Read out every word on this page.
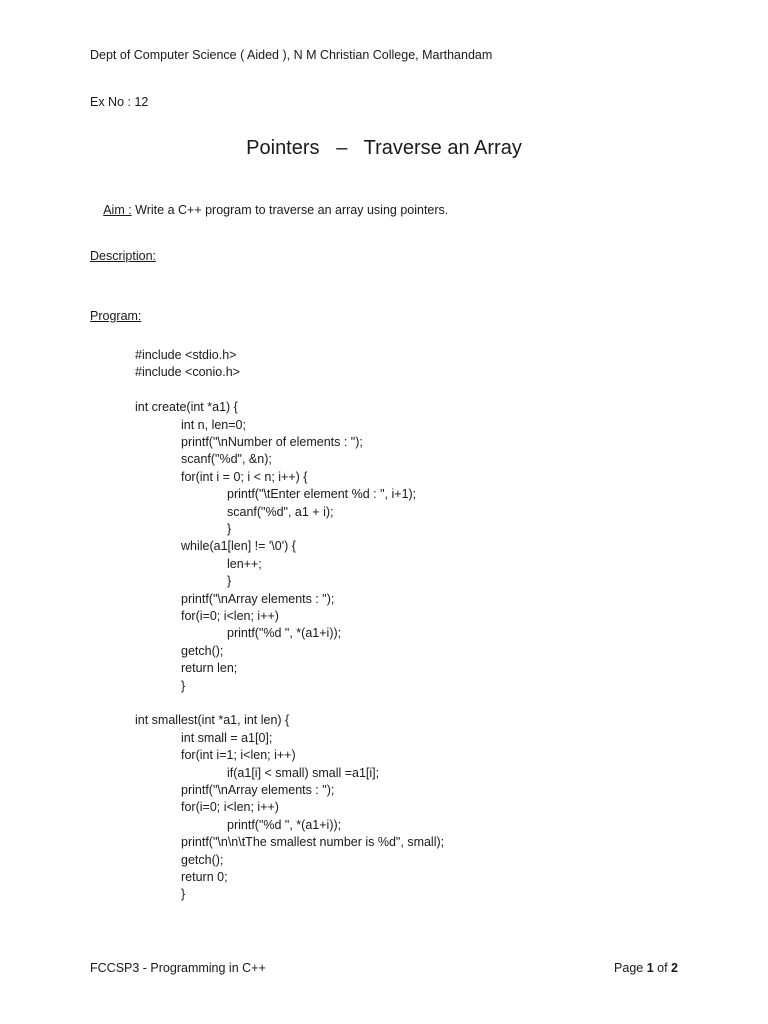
Dept of Computer Science ( Aided ), N M Christian College, Marthandam
Ex No : 12
Pointers   –   Traverse an Array

Aim : Write a C++ program to traverse an array using pointers.

Description:
Program:
#include <stdio.h>
#include <conio.h>
int create(int *a1) {
int n, len=0;
printf("\nNumber of elements : ");
scanf("%d", &n);
for(int i = 0; i < n; i++) {
printf("\tEnter element %d : ", i+1);
scanf("%d", a1 + i);
}
while(a1[len] != '\0') {
len++;
}
printf("\nArray elements : ");
for(i=0; i<len; i++)
printf("%d ", *(a1+i));
getch();
return len;
}
int smallest(int *a1, int len) {
int small = a1[0];
for(int i=1; i<len; i++)
if(a1[i] < small) small =a1[i];
printf("\nArray elements : ");
for(i=0; i<len; i++)
printf("%d ", *(a1+i));
printf("\n\n\tThe smallest number is %d", small);
getch();
return 0;
}
FCCSP3 - Programming in C++	Page 1 of 2
